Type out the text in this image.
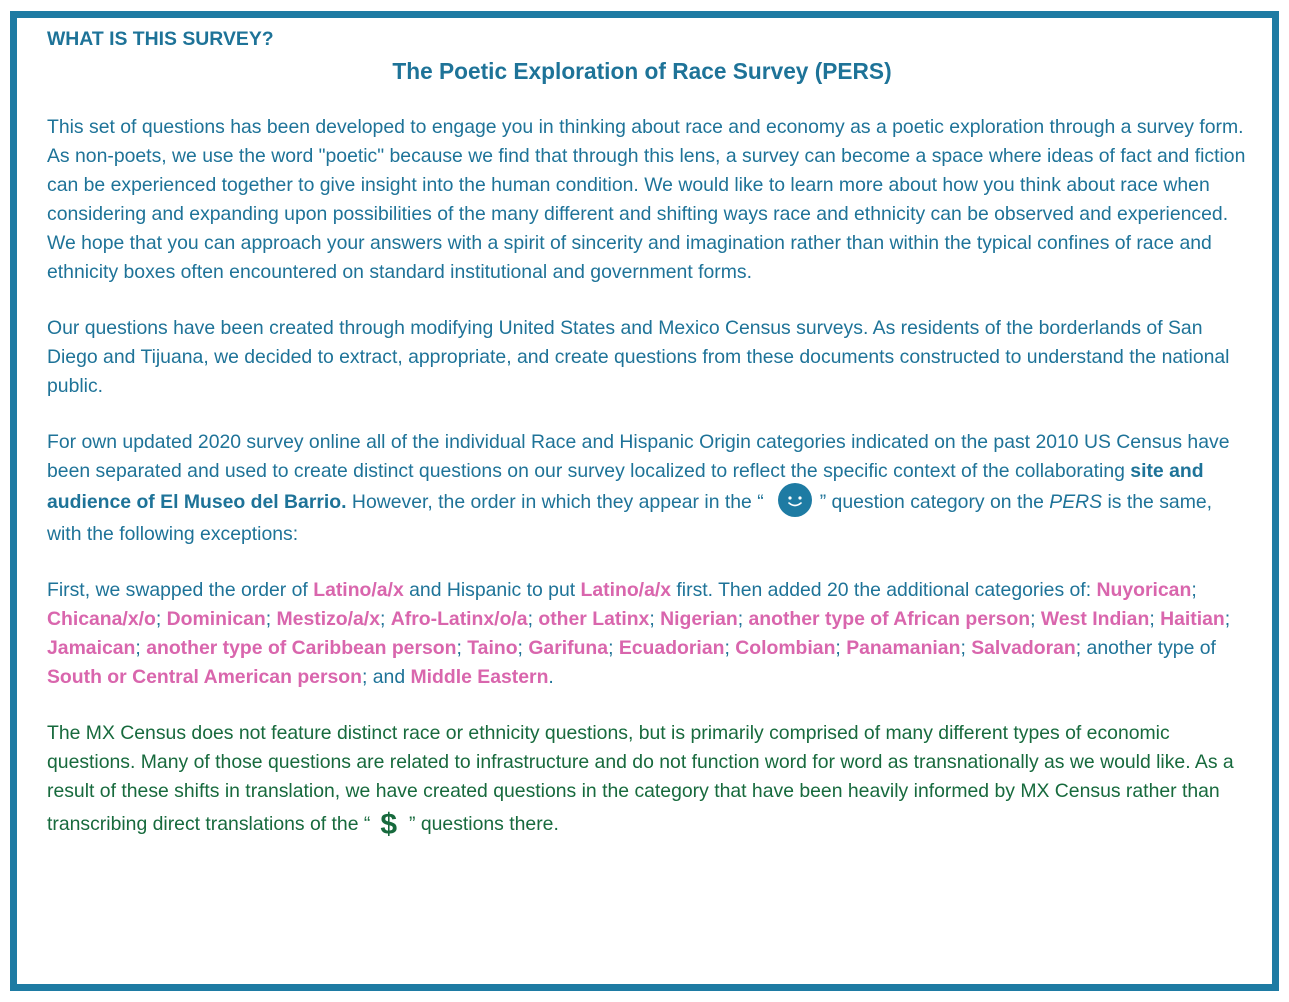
WHAT IS THIS SURVEY?
The Poetic Exploration of Race Survey (PERS)

This set of questions has been developed to engage you in thinking about race and economy as a poetic exploration through a survey form. As non-poets, we use the word "poetic" because we find that through this lens, a survey can become a space where ideas of fact and fiction can be experienced together to give insight into the human condition. We would like to learn more about how you think about race when considering and expanding upon possibilities of the many different and shifting ways race and ethnicity can be observed and experienced. We hope that you can approach your answers with a spirit of sincerity and imagination rather than within the typical confines of race and ethnicity boxes often encountered on standard institutional and government forms.

Our questions have been created through modifying United States and Mexico Census surveys. As residents of the borderlands of San Diego and Tijuana, we decided to extract, appropriate, and create questions from these documents constructed to understand the national public.

For own updated 2020 survey online all of the individual Race and Hispanic Origin categories indicated on the past 2010 US Census have been separated and used to create distinct questions on our survey localized to reflect the specific context of the collaborating site and audience of El Museo del Barrio. However, the order in which they appear in the “	” question category on the PERS is the same, with the following exceptions:

First, we swapped the order of Latino/a/x and Hispanic to put Latino/a/x first. Then added 20 the additional categories of: Nuyorican; Chicana/x/o; Dominican; Mestizo/a/x; Afro-Latinx/o/a; other Latinx; Nigerian; another type of African person; West Indian; Haitian; Jamaican; another type of Caribbean person; Taino; Garifuna; Ecuadorian; Colombian; Panamanian; Salvadoran; another type of South or Central American person; and Middle Eastern.

The MX Census does not feature distinct race or ethnicity questions, but is primarily comprised of many different types of economic questions. Many of those questions are related to infrastructure and do not function word for word as transnationally as we would like. As a result of these shifts in translation, we have created questions in the category that have been heavily informed by MX Census rather than transcribing direct translations of the “ $ ” questions there.
